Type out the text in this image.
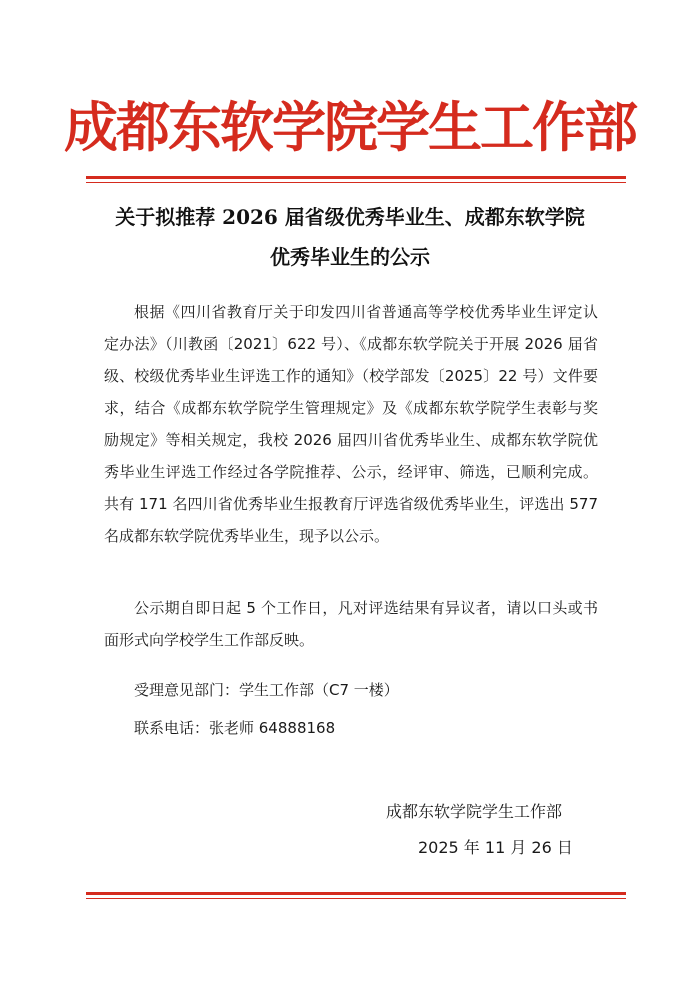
成都东软学院学生工作部
关于拟推荐 2026 届省级优秀毕业生、成都东软学院
优秀毕业生的公示
根据《四川省教育厅关于印发四川省普通高等学校优秀毕业生评定认定办法》（川教函〔2021〕622 号）、《成都东软学院关于开展 2026 届省级、校级优秀毕业生评选工作的通知》（校学部发〔2025〕22 号）文件要求，结合《成都东软学院学生管理规定》及《成都东软学院学生表彰与奖励规定》等相关规定，我校 2026 届四川省优秀毕业生、成都东软学院优秀毕业生评选工作经过各学院推荐、公示，经评审、筛选，已顺利完成。共有 171 名四川省优秀毕业生报教育厅评选省级优秀毕业生，评选出 577 名成都东软学院优秀毕业生，现予以公示。
公示期自即日起 5 个工作日，凡对评选结果有异议者，请以口头或书面形式向学校学生工作部反映。
受理意见部门：学生工作部（C7 一楼）
联系电话：张老师 64888168
成都东软学院学生工作部
2025 年 11 月 26 日
